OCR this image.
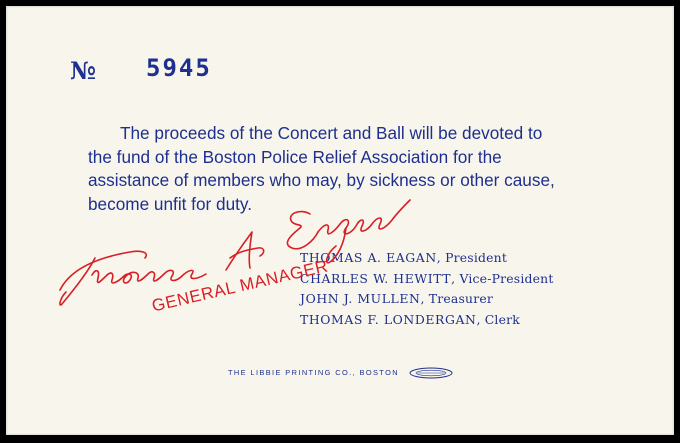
№ 5945
The proceeds of the Concert and Ball will be devoted to
the fund of the Boston Police Relief Association for the
assistance of members who may, by sickness or other cause,
become unfit for duty.
THOMAS A. EAGAN, President
CHARLES W. HEWITT, Vice-President
JOHN J. MULLEN, Treasurer
THOMAS F. LONDERGAN, Clerk
THE LIBBIE PRINTING CO., BOSTON
GENERAL MANAGER
